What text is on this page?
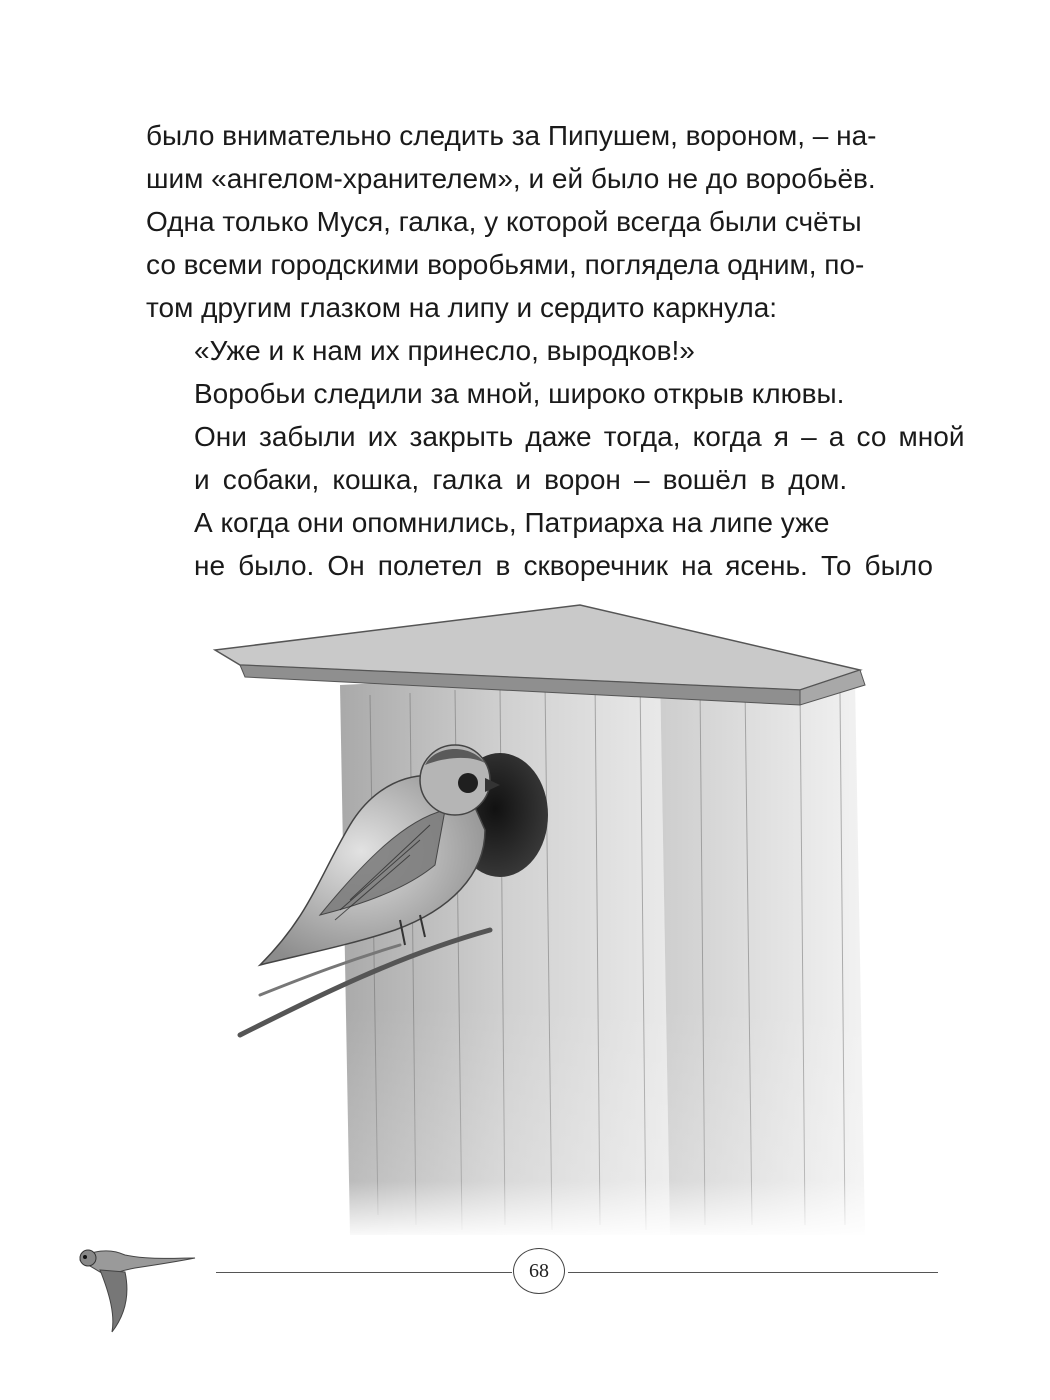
было внимательно следить за Пипушем, вороном, – на-
шим «ангелом-хранителем», и ей было не до воробьёв.
Одна только Муся, галка, у которой всегда были счёты
со всеми городскими воробьями, поглядела одним, по-
том другим глазком на липу и сердито каркнула:

«Уже и к нам их принесло, выродков!»

Воробьи следили за мной, широко открыв клювы.
Они забыли их закрыть даже тогда, когда я – а со мной
и собаки, кошка, галка и ворон – вошёл в дом.

А когда они опомнились, Патриарха на липе уже
не было. Он полетел в скворечник на ясень. То было

68
